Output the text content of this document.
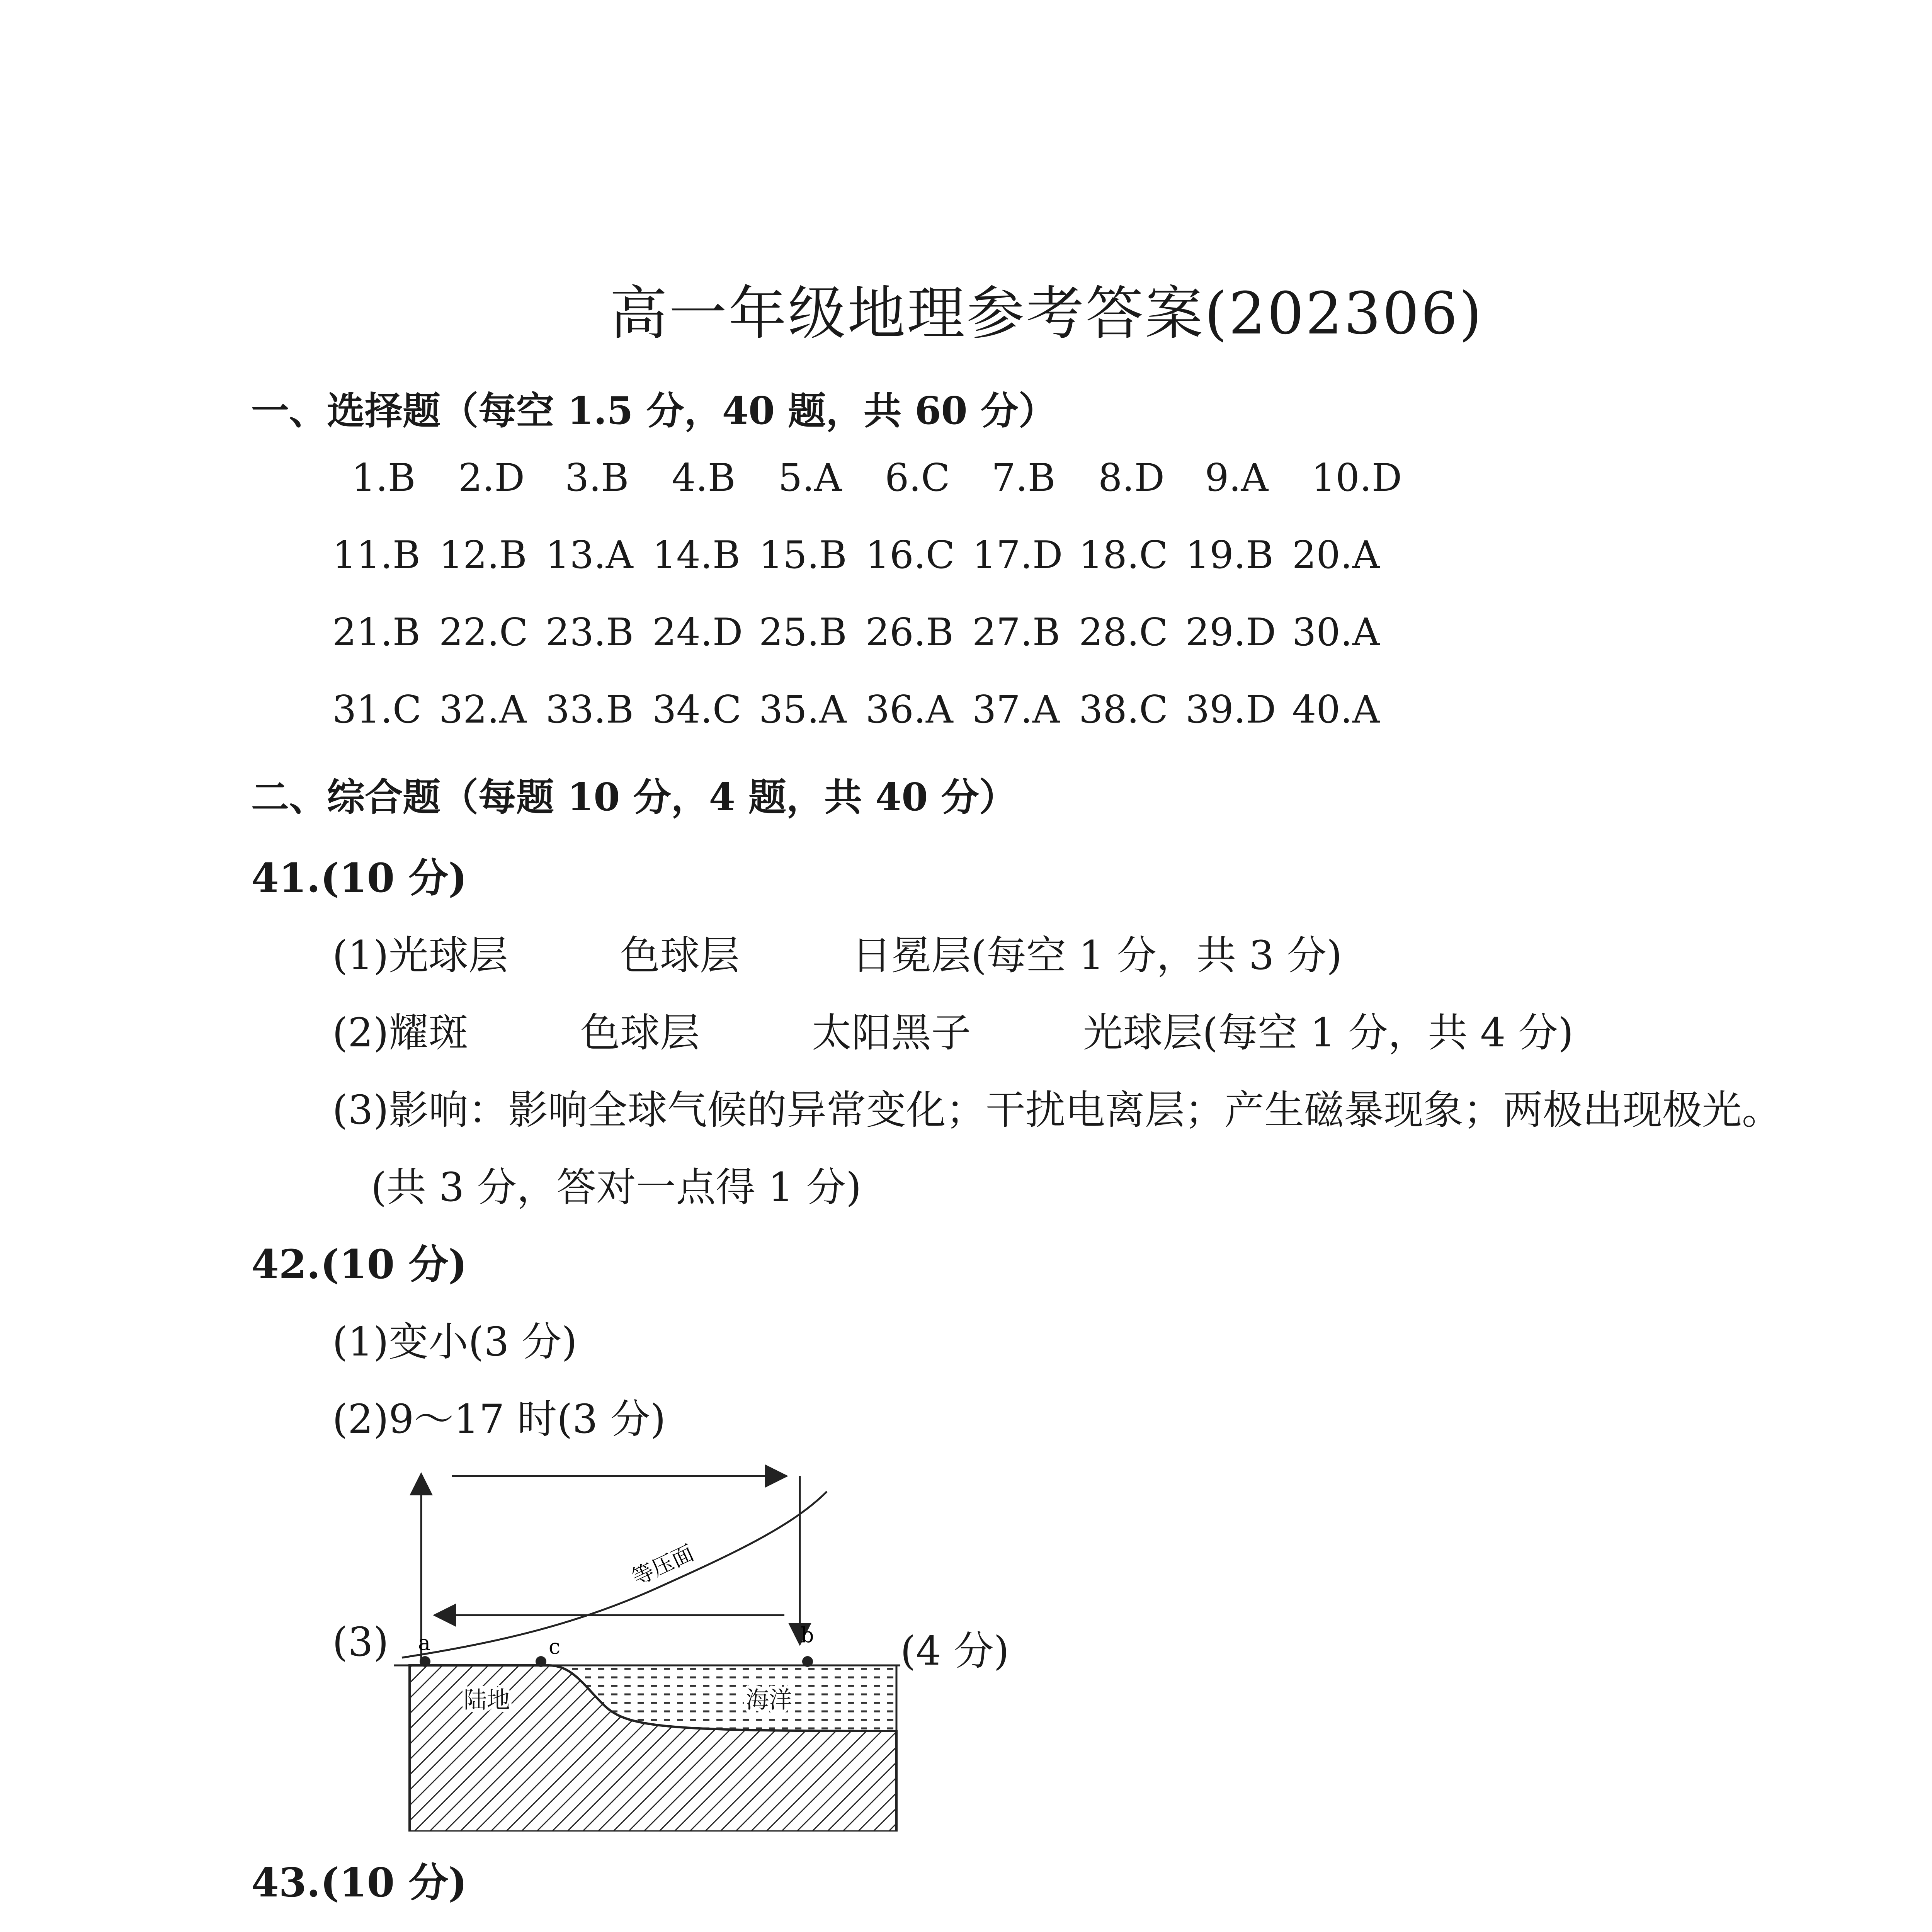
高一年级地理参考答案(202306)
一、选择题（每空 1.5 分，40 题，共 60 分）
1.B 2.D 3.B 4.B 5.A 6.C 7.B 8.D 9.A 10.D
11.B 12.B 13.A 14.B 15.B 16.C 17.D 18.C 19.B 20.A
21.B 22.C 23.B 24.D 25.B 26.B 27.B 28.C 29.D 30.A
31.C 32.A 33.B 34.C 35.A 36.A 37.A 38.C 39.D 40.A
二、综合题（每题 10 分，4 题，共 40 分）
41.(10 分)
(1)光球层	色球层	日冕层(每空 1 分，共 3 分)
(2)耀斑	色球层	太阳黑子	光球层(每空 1 分，共 4 分)
(3)影响：影响全球气候的异常变化；干扰电离层；产生磁暴现象；两极出现极光。
(共 3 分，答对一点得 1 分)
42.(10 分)
(1)变小(3 分)
(2)9～17 时(3 分)
(3)	(4 分)
a	c	b
等压面
陆地	海洋
43.(10 分)
